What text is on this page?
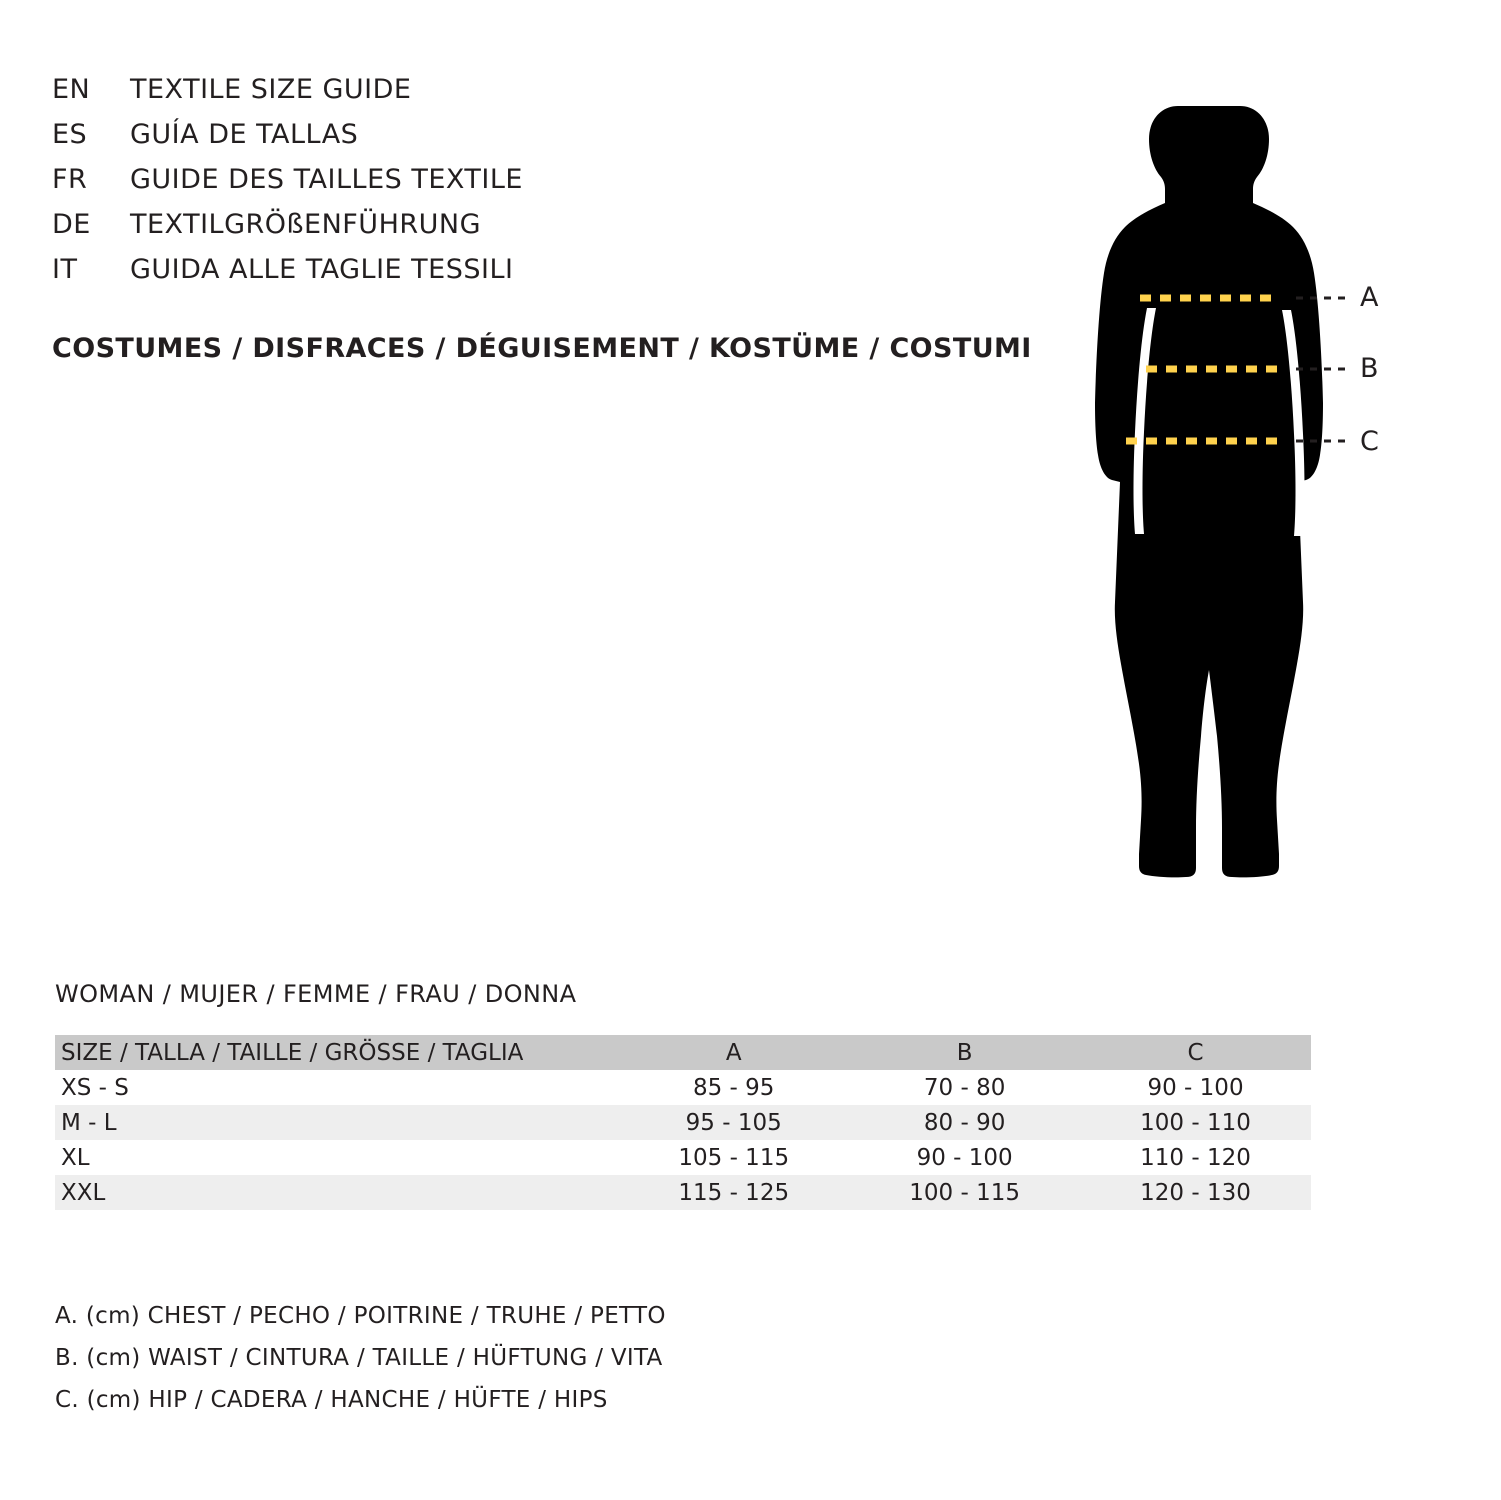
EN	TEXTILE SIZE GUIDE
ES	GUÍA DE TALLAS
FR	GUIDE DES TAILLES TEXTILE
DE	TEXTILGRÖßENFÜHRUNG
IT	GUIDA ALLE TAGLIE TESSILI
COSTUMES / DISFRACES / DÉGUISEMENT / KOSTÜME / COSTUMI
A
B
C
WOMAN / MUJER / FEMME / FRAU / DONNA
SIZE / TALLA / TAILLE / GRÖSSE / TAGLIA	A	B	C
XS - S	85 - 95	70 - 80	90 - 100
M - L	95 - 105	80 - 90	100 - 110
XL	105 - 115	90 - 100	110 - 120
XXL	115 - 125	100 - 115	120 - 130
A. (cm) CHEST / PECHO / POITRINE / TRUHE / PETTO
B. (cm) WAIST / CINTURA / TAILLE / HÜFTUNG / VITA
C. (cm) HIP / CADERA / HANCHE / HÜFTE / HIPS
